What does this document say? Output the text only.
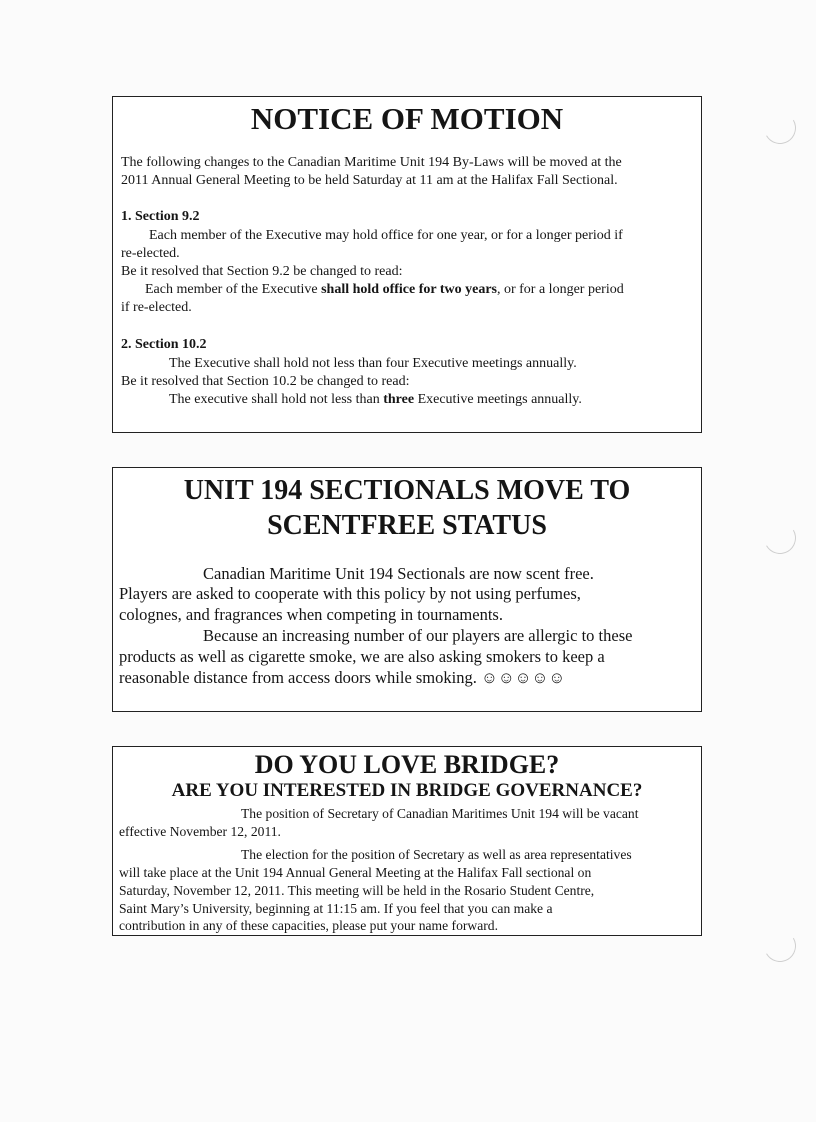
NOTICE OF MOTION
The following changes to the Canadian Maritime Unit 194 By-Laws will be moved at the
2011 Annual General Meeting to be held Saturday at 11 am at the Halifax Fall Sectional.
1. Section 9.2
Each member of the Executive may hold office for one year, or for a longer period if
re-elected.
Be it resolved that Section 9.2 be changed to read:
Each member of the Executive shall hold office for two years, or for a longer period
if re-elected.
2. Section 10.2
The Executive shall hold not less than four Executive meetings annually.
Be it resolved that Section 10.2 be changed to read:
The executive shall hold not less than three Executive meetings annually.
UNIT 194 SECTIONALS MOVE TO
SCENTFREE STATUS
Canadian Maritime Unit 194 Sectionals are now scent free.
Players are asked to cooperate with this policy by not using perfumes,
colognes, and fragrances when competing in tournaments.
Because an increasing number of our players are allergic to these
products as well as cigarette smoke, we are also asking smokers to keep a
reasonable distance from access doors while smoking. ☺☺☺☺☺
DO YOU LOVE BRIDGE?
ARE YOU INTERESTED IN BRIDGE GOVERNANCE?
The position of Secretary of Canadian Maritimes Unit 194 will be vacant
effective November 12, 2011.
The election for the position of Secretary as well as area representatives
will take place at the Unit 194 Annual General Meeting at the Halifax Fall sectional on
Saturday, November 12, 2011. This meeting will be held in the Rosario Student Centre,
Saint Mary’s University, beginning at 11:15 am. If you feel that you can make a
contribution in any of these capacities, please put your name forward.
